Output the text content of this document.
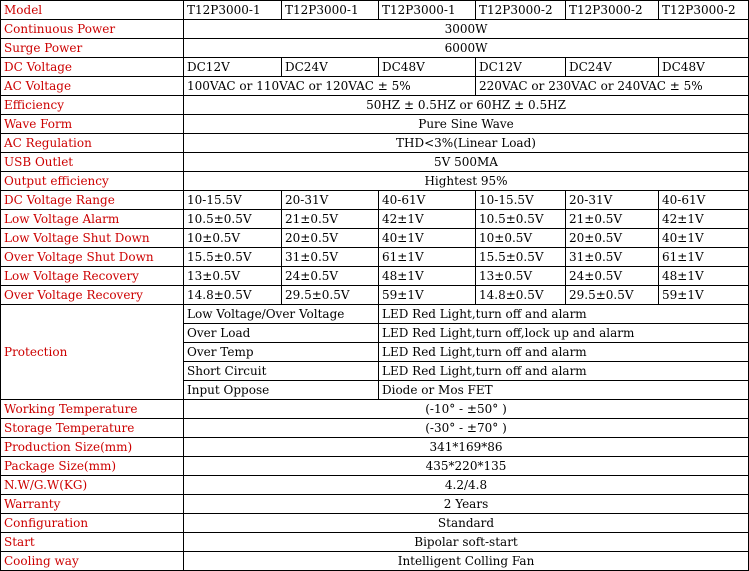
Model	T12P3000-1	T12P3000-1	T12P3000-1	T12P3000-2	T12P3000-2	T12P3000-2
Continuous Power	3000W					
Surge Power	6000W					
DC Voltage	DC12V	DC24V	DC48V	DC12V	DC24V	DC48V
AC Voltage	100VAC or 110VAC or 120VAC ± 5%			220VAC or 230VAC or 240VAC ± 5%		
Efficiency	50HZ ± 0.5HZ or 60HZ ± 0.5HZ					
Wave Form	Pure Sine Wave					
AC Regulation	THD<3%(Linear Load)					
USB Outlet	5V 500MA					
Output efficiency	Hightest 95%					
DC Voltage Range	10-15.5V	20-31V	40-61V	10-15.5V	20-31V	40-61V
Low Voltage Alarm	10.5±0.5V	21±0.5V	42±1V	10.5±0.5V	21±0.5V	42±1V
Low Voltage Shut Down	10±0.5V	20±0.5V	40±1V	10±0.5V	20±0.5V	40±1V
Over Voltage Shut Down	15.5±0.5V	31±0.5V	61±1V	15.5±0.5V	31±0.5V	61±1V
Low Voltage Recovery	13±0.5V	24±0.5V	48±1V	13±0.5V	24±0.5V	48±1V
Over Voltage Recovery	14.8±0.5V	29.5±0.5V	59±1V	14.8±0.5V	29.5±0.5V	59±1V
Protection	Low Voltage/Over Voltage		LED Red Light,turn off and alarm			
	Over Load		LED Red Light,turn off,lock up and alarm			
	Over Temp		LED Red Light,turn off and alarm			
	Short Circuit		LED Red Light,turn off and alarm			
	Input Oppose		Diode or Mos FET			
Working Temperature	(-10° - ±50° )					
Storage Temperature	(-30° - ±70° )					
Production Size(mm)	341*169*86					
Package Size(mm)	435*220*135					
N.W/G.W(KG)	4.2/4.8					
Warranty	2 Years					
Configuration	Standard					
Start	Bipolar soft-start					
Cooling way	Intelligent Colling Fan					
